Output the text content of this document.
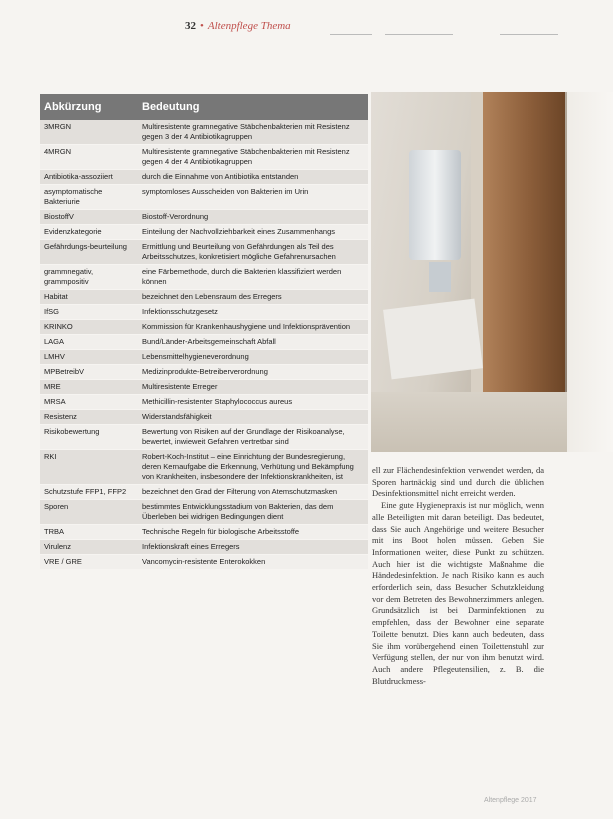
32 • Altenpflege Thema
Abkürzung	Bedeutung
3MRGN	Multiresistente gramnegative Stäbchenbakterien mit Resistenz gegen 3 der 4 Antibiotikagruppen
4MRGN	Multiresistente gramnegative Stäbchenbakterien mit Resistenz gegen 4 der 4 Antibiotikagruppen
Antibiotika-assoziiert	durch die Einnahme von Antibiotika entstanden
asymptomatische Bakteriurie	symptomloses Ausscheiden von Bakterien im Urin
BiostoffV	Biostoff-Verordnung
Evidenzkategorie	Einteilung der Nachvollziehbarkeit eines Zusammenhangs
Gefährdungs-beurteilung	Ermittlung und Beurteilung von Gefährdungen als Teil des Arbeitsschutzes, konkretisiert mögliche Gefahrenursachen
grammnegativ, grammpositiv	eine Färbemethode, durch die Bakterien klassifiziert werden können
Habitat	bezeichnet den Lebensraum des Erregers
IfSG	Infektionsschutzgesetz
KRINKO	Kommission für Krankenhaushygiene und Infektionsprävention
LAGA	Bund/Länder-Arbeitsgemeinschaft Abfall
LMHV	Lebensmittelhygieneverordnung
MPBetreibV	Medizinprodukte-Betreiberverordnung
MRE	Multiresistente Erreger
MRSA	Methicillin-resistenter Staphylococcus aureus
Resistenz	Widerstandsfähigkeit
Risikobewertung	Bewertung von Risiken auf der Grundlage der Risikoanalyse, bewertet, inwieweit Gefahren vertretbar sind
RKI	Robert-Koch-Institut – eine Einrichtung der Bundesregierung, deren Kernaufgabe die Erkennung, Verhütung und Bekämpfung von Krankheiten, insbesondere der Infektionskrankheiten, ist
Schutzstufe FFP1, FFP2	bezeichnet den Grad der Filterung von Atemschutzmasken
Sporen	bestimmtes Entwicklungsstadium von Bakterien, das dem Überleben bei widrigen Bedingungen dient
TRBA	Technische Regeln für biologische Arbeitsstoffe
Virulenz	Infektionskraft eines Erregers
VRE / GRE	Vancomycin-resistente Enterokokken

ell zur Flächendesinfektion verwendet werden, da Sporen hartnäckig sind und durch die üblichen Desinfektionsmittel nicht erreicht werden.

Eine gute Hygienepraxis ist nur möglich, wenn alle Beteiligten mit daran beteiligt. Das bedeutet, dass Sie auch Angehörige und weitere Besucher mit ins Boot holen müssen. Geben Sie Informationen weiter, diese Punkt zu schützen. Auch hier ist die wichtigste Maßnahme die Händedesinfektion. Je nach Risiko kann es auch erforderlich sein, dass Besucher Schutzkleidung vor dem Betreten des Bewohnerzimmers anlegen. Grundsätzlich ist bei Darminfektionen zu empfehlen, dass der Bewohner eine separate Toilette benutzt. Dies kann auch bedeuten, dass Sie ihm vorübergehend einen Toilettenstuhl zur Verfügung stellen, der nur von ihm benutzt wird. Auch andere Pflegeutensilien, z. B. die Blutdruckmess-

Altenpflege 2017
